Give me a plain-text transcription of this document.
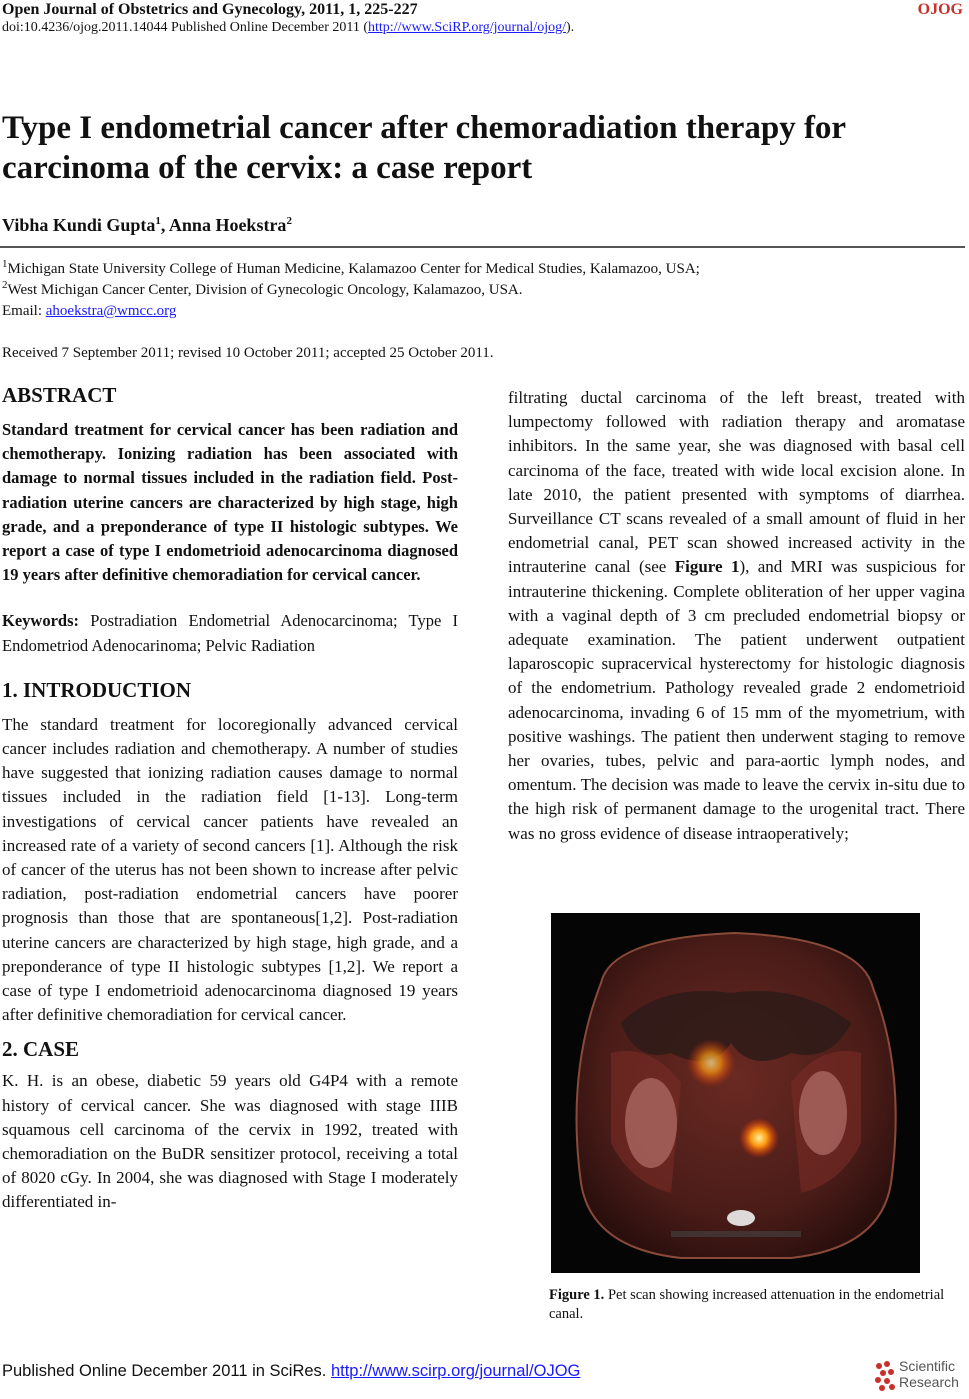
Open Journal of Obstetrics and Gynecology, 2011, 1, 225-227	OJOG
doi:10.4236/ojog.2011.14044 Published Online December 2011 (http://www.SciRP.org/journal/ojog/).
Type I endometrial cancer after chemoradiation therapy for carcinoma of the cervix: a case report
Vibha Kundi Gupta$^1$, Anna Hoekstra$^2$
$^1$Michigan State University College of Human Medicine, Kalamazoo Center for Medical Studies, Kalamazoo, USA;
$^2$West Michigan Cancer Center, Division of Gynecologic Oncology, Kalamazoo, USA.
Email: ahoekstra@wmcc.org
Received 7 September 2011; revised 10 October 2011; accepted 25 October 2011.
ABSTRACT

Standard treatment for cervical cancer has been radiation and chemotherapy. Ionizing radiation has been associated with damage to normal tissues included in the radiation field. Post-radiation uterine cancers are characterized by high stage, high grade, and a preponderance of type II histologic subtypes. We report a case of type I endometrioid adenocarcinoma diagnosed 19 years after definitive chemoradiation for cervical cancer.

Keywords: Postradiation Endometrial Adenocarcinoma; Type I Endometriod Adenocarinoma; Pelvic Radiation

1. INTRODUCTION

The standard treatment for locoregionally advanced cervical cancer includes radiation and chemotherapy. A number of studies have suggested that ionizing radiation causes damage to normal tissues included in the radiation field [1-13]. Long-term investigations of cervical cancer patients have revealed an increased rate of a variety of second cancers [1]. Although the risk of cancer of the uterus has not been shown to increase after pelvic radiation, post-radiation endometrial cancers have poorer prognosis than those that are spontaneous[1,2]. Post-radiation uterine cancers are characterized by high stage, high grade, and a preponderance of type II histologic subtypes [1,2]. We report a case of type I endometrioid adenocarcinoma diagnosed 19 years after definitive chemoradiation for cervical cancer.

2. CASE

K. H. is an obese, diabetic 59 years old G4P4 with a remote history of cervical cancer. She was diagnosed with stage IIIB squamous cell carcinoma of the cervix in 1992, treated with chemoradiation on the BuDR sensitizer protocol, receiving a total of 8020 cGy. In 2004, she was diagnosed with Stage I moderately differentiated in-

filtrating ductal carcinoma of the left breast, treated with lumpectomy followed with radiation therapy and aromatase inhibitors. In the same year, she was diagnosed with basal cell carcinoma of the face, treated with wide local excision alone. In late 2010, the patient presented with symptoms of diarrhea. Surveillance CT scans revealed of a small amount of fluid in her endometrial canal, PET scan showed increased activity in the intrauterine canal (see Figure 1), and MRI was suspicious for intrauterine thickening. Complete obliteration of her upper vagina with a vaginal depth of 3 cm precluded endometrial biopsy or adequate examination. The patient underwent outpatient laparoscopic supracervical hysterectomy for histologic diagnosis of the endometrium. Pathology revealed grade 2 endometrioid adenocarcinoma, invading 6 of 15 mm of the myometrium, with positive washings. The patient then underwent staging to remove her ovaries, tubes, pelvic and para-aortic lymph nodes, and omentum. The decision was made to leave the cervix in-situ due to the high risk of permanent damage to the urogenital tract. There was no gross evidence of disease intraoperatively;

Figure 1. Pet scan showing increased attenuation in the endometrial canal.
Published Online December 2011 in SciRes. http://www.scirp.org/journal/OJOG	Scientific
Research
